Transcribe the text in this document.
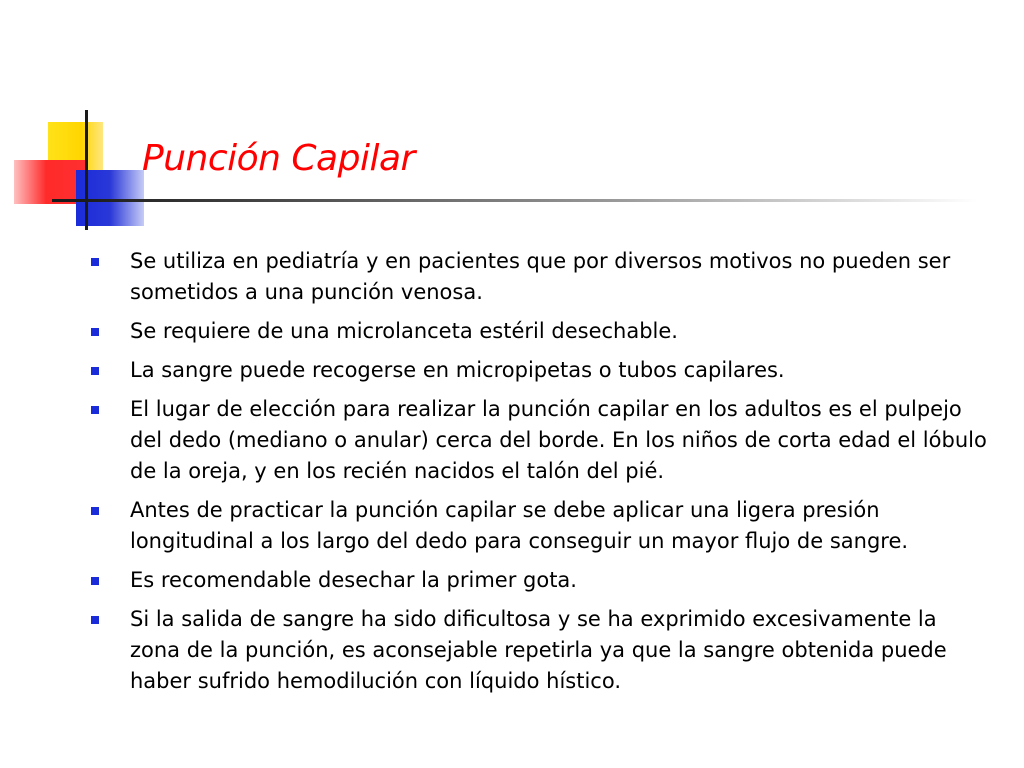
Punción Capilar
Se utiliza en pediatría y en pacientes que por diversos motivos no pueden ser sometidos a una punción venosa.
Se requiere de una microlanceta estéril desechable.
La sangre puede recogerse en micropipetas o tubos capilares.
El lugar de elección para realizar la punción capilar en los adultos es el pulpejo del dedo (mediano o anular) cerca del borde. En los niños de corta edad el lóbulo de la oreja, y en los recién nacidos el talón del pié.
Antes de practicar la punción capilar se debe aplicar una ligera presión longitudinal a los largo del dedo para conseguir un mayor flujo de sangre.
Es recomendable desechar la primer gota.
Si la salida de sangre ha sido dificultosa y se ha exprimido excesivamente la zona de la punción, es aconsejable repetirla ya que la sangre obtenida puede haber sufrido hemodilución con líquido hístico.
